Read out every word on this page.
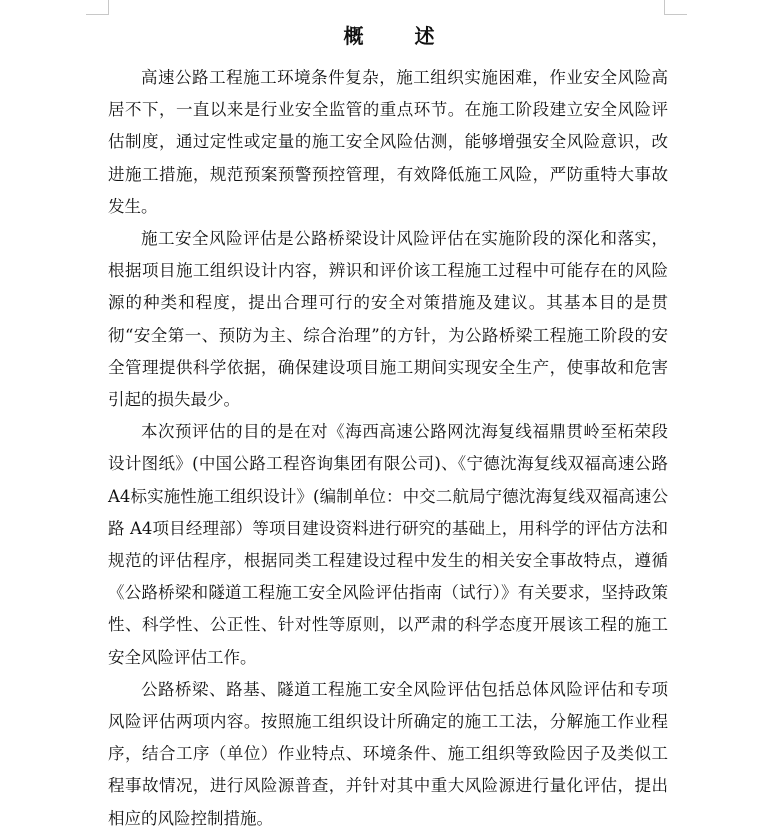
概 述

高速公路工程施工环境条件复杂，施工组织实施困难，作业安全风险高居不下，一直以来是行业安全监管的重点环节。在施工阶段建立安全风险评估制度，通过定性或定量的施工安全风险估测，能够增强安全风险意识，改进施工措施，规范预案预警预控管理，有效降低施工风险，严防重特大事故发生。

施工安全风险评估是公路桥梁设计风险评估在实施阶段的深化和落实，根据项目施工组织设计内容，辨识和评价该工程施工过程中可能存在的风险源的种类和程度，提出合理可行的安全对策措施及建议。其基本目的是贯彻“安全第一、预防为主、综合治理”的方针，为公路桥梁工程施工阶段的安全管理提供科学依据，确保建设项目施工期间实现安全生产，使事故和危害引起的损失最少。

本次预评估的目的是在对《海西高速公路网沈海复线福鼎贯岭至柘荣段设计图纸》(中国公路工程咨询集团有限公司)、《宁德沈海复线双福高速公路 A4标实施性施工组织设计》(编制单位：中交二航局宁德沈海复线双福高速公路 A4项目经理部）等项目建设资料进行研究的基础上，用科学的评估方法和规范的评估程序，根据同类工程建设过程中发生的相关安全事故特点，遵循《公路桥梁和隧道工程施工安全风险评估指南（试行）》有关要求，坚持政策性、科学性、公正性、针对性等原则，以严肃的科学态度开展该工程的施工安全风险评估工作。

公路桥梁、路基、隧道工程施工安全风险评估包括总体风险评估和专项风险评估两项内容。按照施工组织设计所确定的施工工法，分解施工作业程序，结合工序（单位）作业特点、环境条件、施工组织等致险因子及类似工程事故情况，进行风险源普查，并针对其中重大风险源进行量化评估，提出相应的风险控制措施。
